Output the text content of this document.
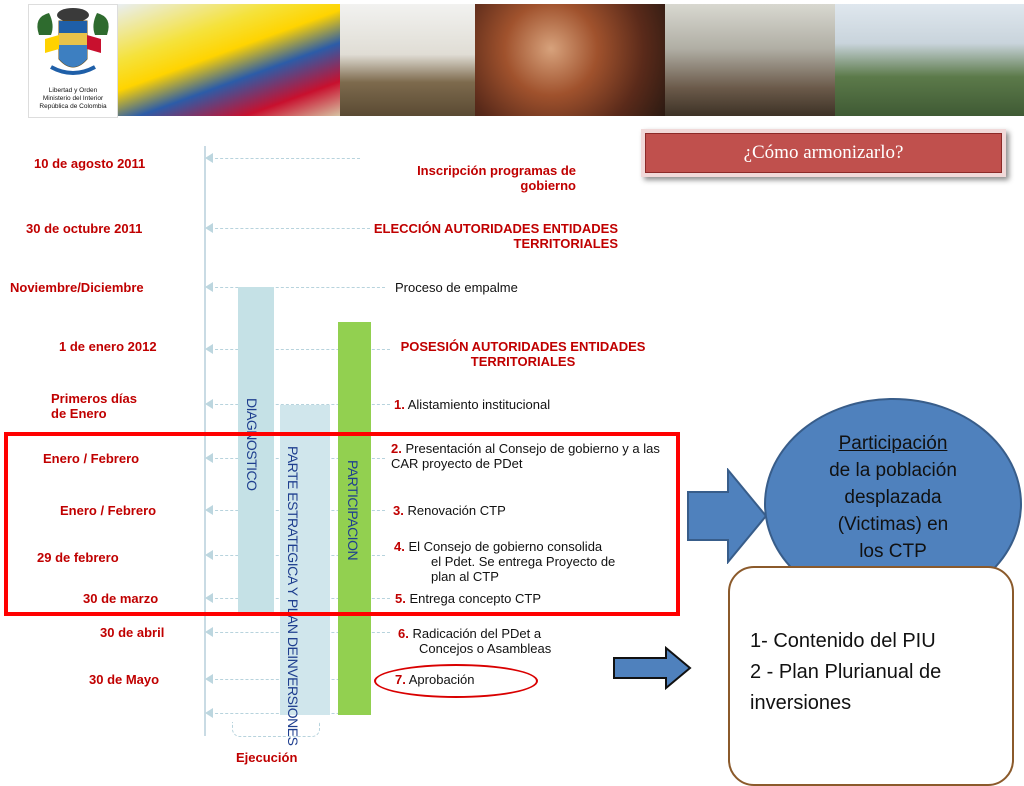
Libertad y Orden
Ministerio del Interior
República de Colombia
¿Cómo armonizarlo?
DIAGNOSTICO
PARTE ESTRATEGICA Y PLAN DEINVERSIONES
PARTICIPACION
10 de agosto 2011
30 de octubre 2011
Noviembre/Diciembre
1 de enero 2012
Primeros días
de Enero
Enero / Febrero
Enero / Febrero
29 de febrero
30 de marzo
30 de abril
30 de Mayo
Inscripción programas de gobierno
ELECCIÓN AUTORIDADES ENTIDADES TERRITORIALES
Proceso de empalme
POSESIÓN AUTORIDADES ENTIDADES TERRITORIALES
1. Alistamiento institucional
2. Presentación al Consejo de gobierno y a las CAR proyecto de PDet
3. Renovación CTP
4. El Consejo de gobierno consolida
el Pdet. Se entrega Proyecto de
plan al CTP
5. Entrega concepto CTP
6. Radicación del PDet a
Concejos o Asambleas
7. Aprobación
Ejecución
Participación
de la población
desplazada
(Victimas) en
los CTP
1- Contenido del PIU
2 - Plan Plurianual de
inversiones
